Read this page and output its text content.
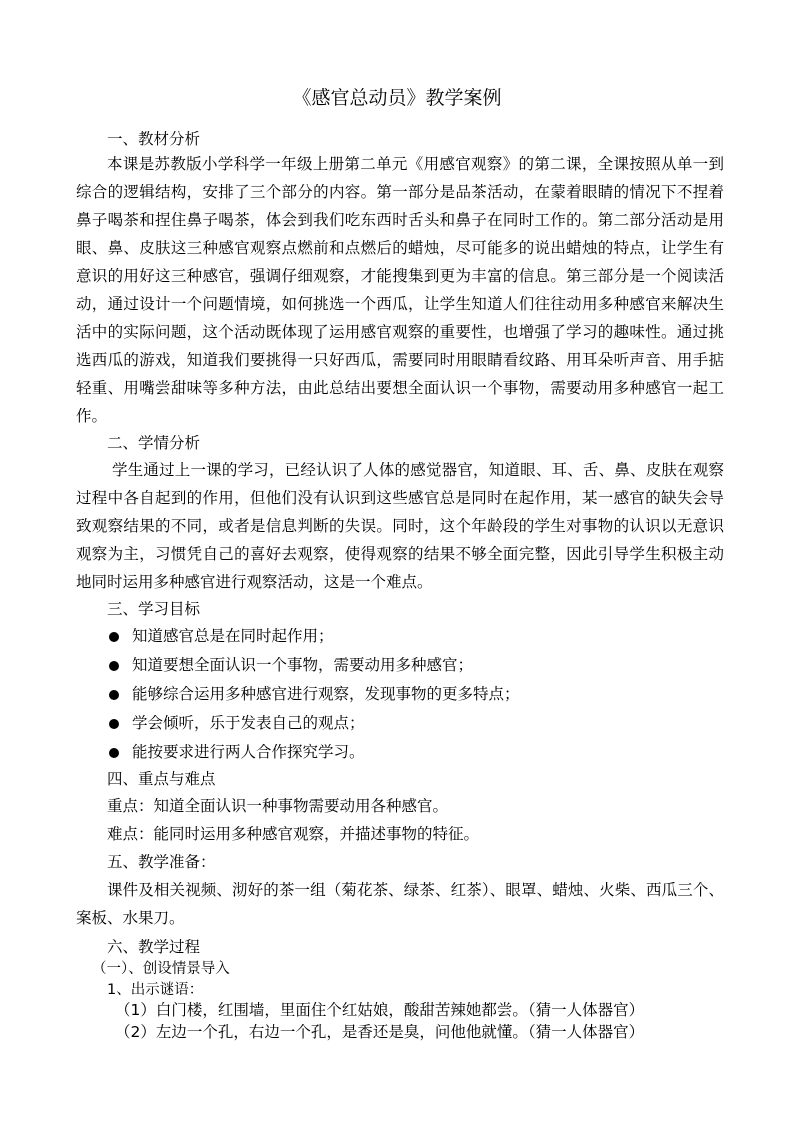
《感官总动员》教学案例
一、教材分析
本课是苏教版小学科学一年级上册第二单元《用感官观察》的第二课，全课按照从单一到综合的逻辑结构，安排了三个部分的内容。第一部分是品茶活动，在蒙着眼睛的情况下不捏着鼻子喝茶和捏住鼻子喝茶，体会到我们吃东西时舌头和鼻子在同时工作的。第二部分活动是用眼、鼻、皮肤这三种感官观察点燃前和点燃后的蜡烛，尽可能多的说出蜡烛的特点，让学生有意识的用好这三种感官，强调仔细观察，才能搜集到更为丰富的信息。第三部分是一个阅读活动，通过设计一个问题情境，如何挑选一个西瓜，让学生知道人们往往动用多种感官来解决生活中的实际问题，这个活动既体现了运用感官观察的重要性，也增强了学习的趣味性。通过挑选西瓜的游戏，知道我们要挑得一只好西瓜，需要同时用眼睛看纹路、用耳朵听声音、用手掂轻重、用嘴尝甜味等多种方法，由此总结出要想全面认识一个事物，需要动用多种感官一起工作。
二、学情分析
学生通过上一课的学习，已经认识了人体的感觉器官，知道眼、耳、舌、鼻、皮肤在观察过程中各自起到的作用，但他们没有认识到这些感官总是同时在起作用，某一感官的缺失会导致观察结果的不同，或者是信息判断的失误。同时，这个年龄段的学生对事物的认识以无意识观察为主，习惯凭自己的喜好去观察，使得观察的结果不够全面完整，因此引导学生积极主动地同时运用多种感官进行观察活动，这是一个难点。
三、学习目标
知道感官总是在同时起作用；
知道要想全面认识一个事物，需要动用多种感官；
能够综合运用多种感官进行观察，发现事物的更多特点；
学会倾听，乐于发表自己的观点；
能按要求进行两人合作探究学习。
四、重点与难点
重点：知道全面认识一种事物需要动用各种感官。
难点：能同时运用多种感官观察，并描述事物的特征。
五、教学准备：
课件及相关视频、沏好的茶一组（菊花茶、绿茶、红茶）、眼罩、蜡烛、火柴、西瓜三个、案板、水果刀。
六、教学过程
（一）、创设情景导入
1、出示谜语：
（1）白门楼，红围墙，里面住个红姑娘，酸甜苦辣她都尝。（猜一人体器官）
（2）左边一个孔，右边一个孔，是香还是臭，问他他就懂。（猜一人体器官）
